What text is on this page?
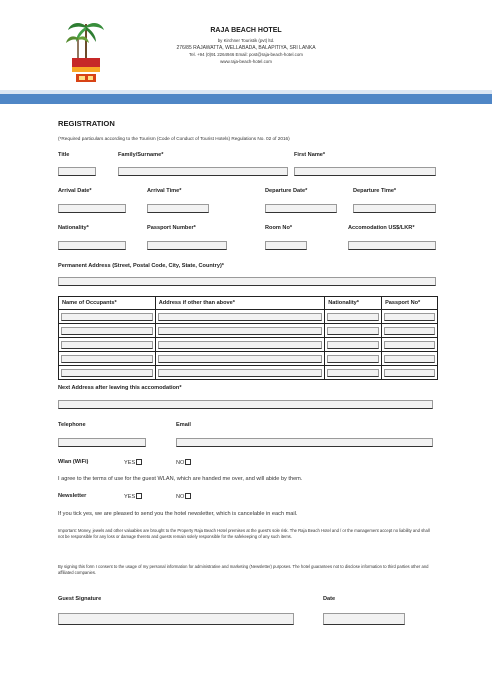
RAJA BEACH HOTEL
by Kirchner Touristik (pvt) ltd.
276/85 RAJAWATTA, WELLABADA, BALAPITIYA, SRI LANKA
Tel. +94 (0)91 2264946 Email: post@raja-beach-hotel.com
www.raja-beach-hotel.com
REGISTRATION
(*Required particulars according to the Tourism (Code of Conduct of Tourist Hotels) Regulations No. 02 of 2016)
Title	Family/Surname*	First Name*
Arrival Date*	Arrival Time*	Departure Date*	Departure Time*
Nationality*	Passport Number*	Room No*	Accomodation US$/LKR*
Permanent Address (Street, Postal Code, City, State, Country)*
Name of Occupants*	Address if other than above*	Nationality*	Passport No*

Next Address after leaving this accomodation*
Telephone	Email
Wlan (WiFi)	YES	NO
I agree to the terms of use for the guest WLAN, which are handed me over, and will abide by them.
Newsletter	YES	NO
If you tick yes, we are pleased to send you the hotel newsletter, which is cancelable in each mail.
Important: Money, jewels and other valuables are brought to the Property Raja Beach Hotel premises at the guest's sole risk. The Raja Beach Hotel and / or the management accept no liability and shall not be responsible for any loss or damage thereto and guests remain solely responsible for the safekeeping of any such items.
By signing this form I consent to the usage of my personal information for administrative and marketing (Newsletter) purposes. The hotel guarantees not to disclose information to third parties other and affiliated companies.
Guest Signature	Date
